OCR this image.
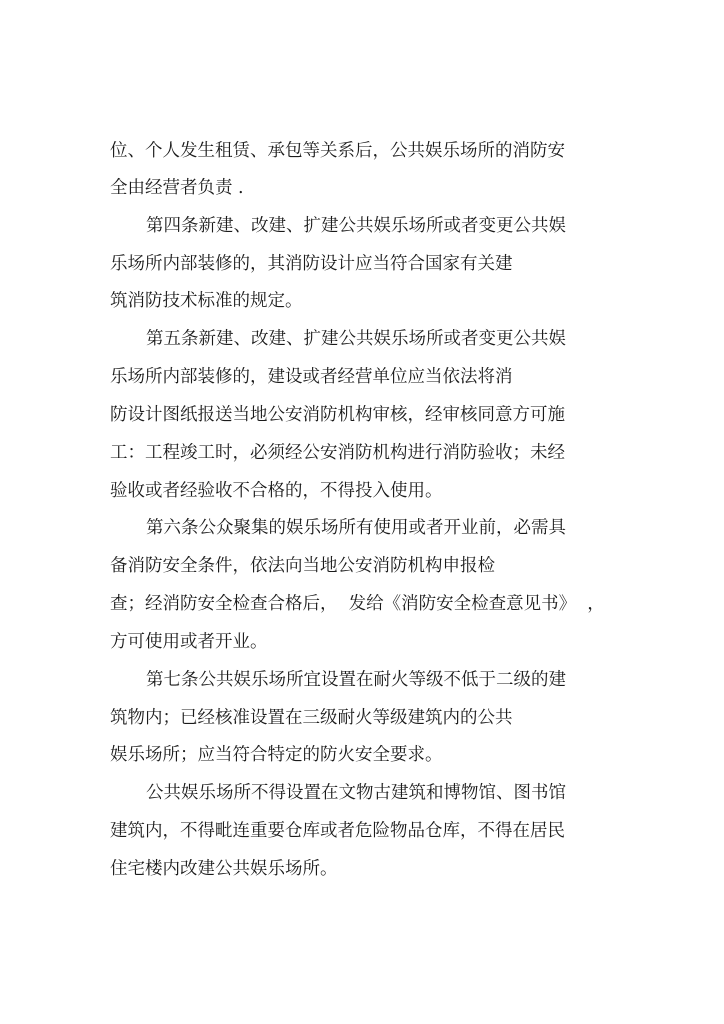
位、个人发生租赁、承包等关系后，公共娱乐场所的消防安

全由经营者负责 .

第四条新建、改建、扩建公共娱乐场所或者变更公共娱

乐场所内部装修的，其消防设计应当符合国家有关建

筑消防技术标准的规定。

第五条新建、改建、扩建公共娱乐场所或者变更公共娱

乐场所内部装修的，建设或者经营单位应当依法将消

防设计图纸报送当地公安消防机构审核，经审核同意方可施

工：工程竣工时，必须经公安消防机构进行消防验收；未经

验收或者经验收不合格的，不得投入使用。

第六条公众聚集的娱乐场所有使用或者开业前，必需具

备消防安全条件，依法向当地公安消防机构申报检

查；经消防安全检查合格后，  发给《消防安全检查意见书》  ，

方可使用或者开业。

第七条公共娱乐场所宜设置在耐火等级不低于二级的建

筑物内；已经核准设置在三级耐火等级建筑内的公共

娱乐场所；应当符合特定的防火安全要求。

公共娱乐场所不得设置在文物古建筑和博物馆、图书馆

建筑内，不得毗连重要仓库或者危险物品仓库，不得在居民

住宅楼内改建公共娱乐场所。
